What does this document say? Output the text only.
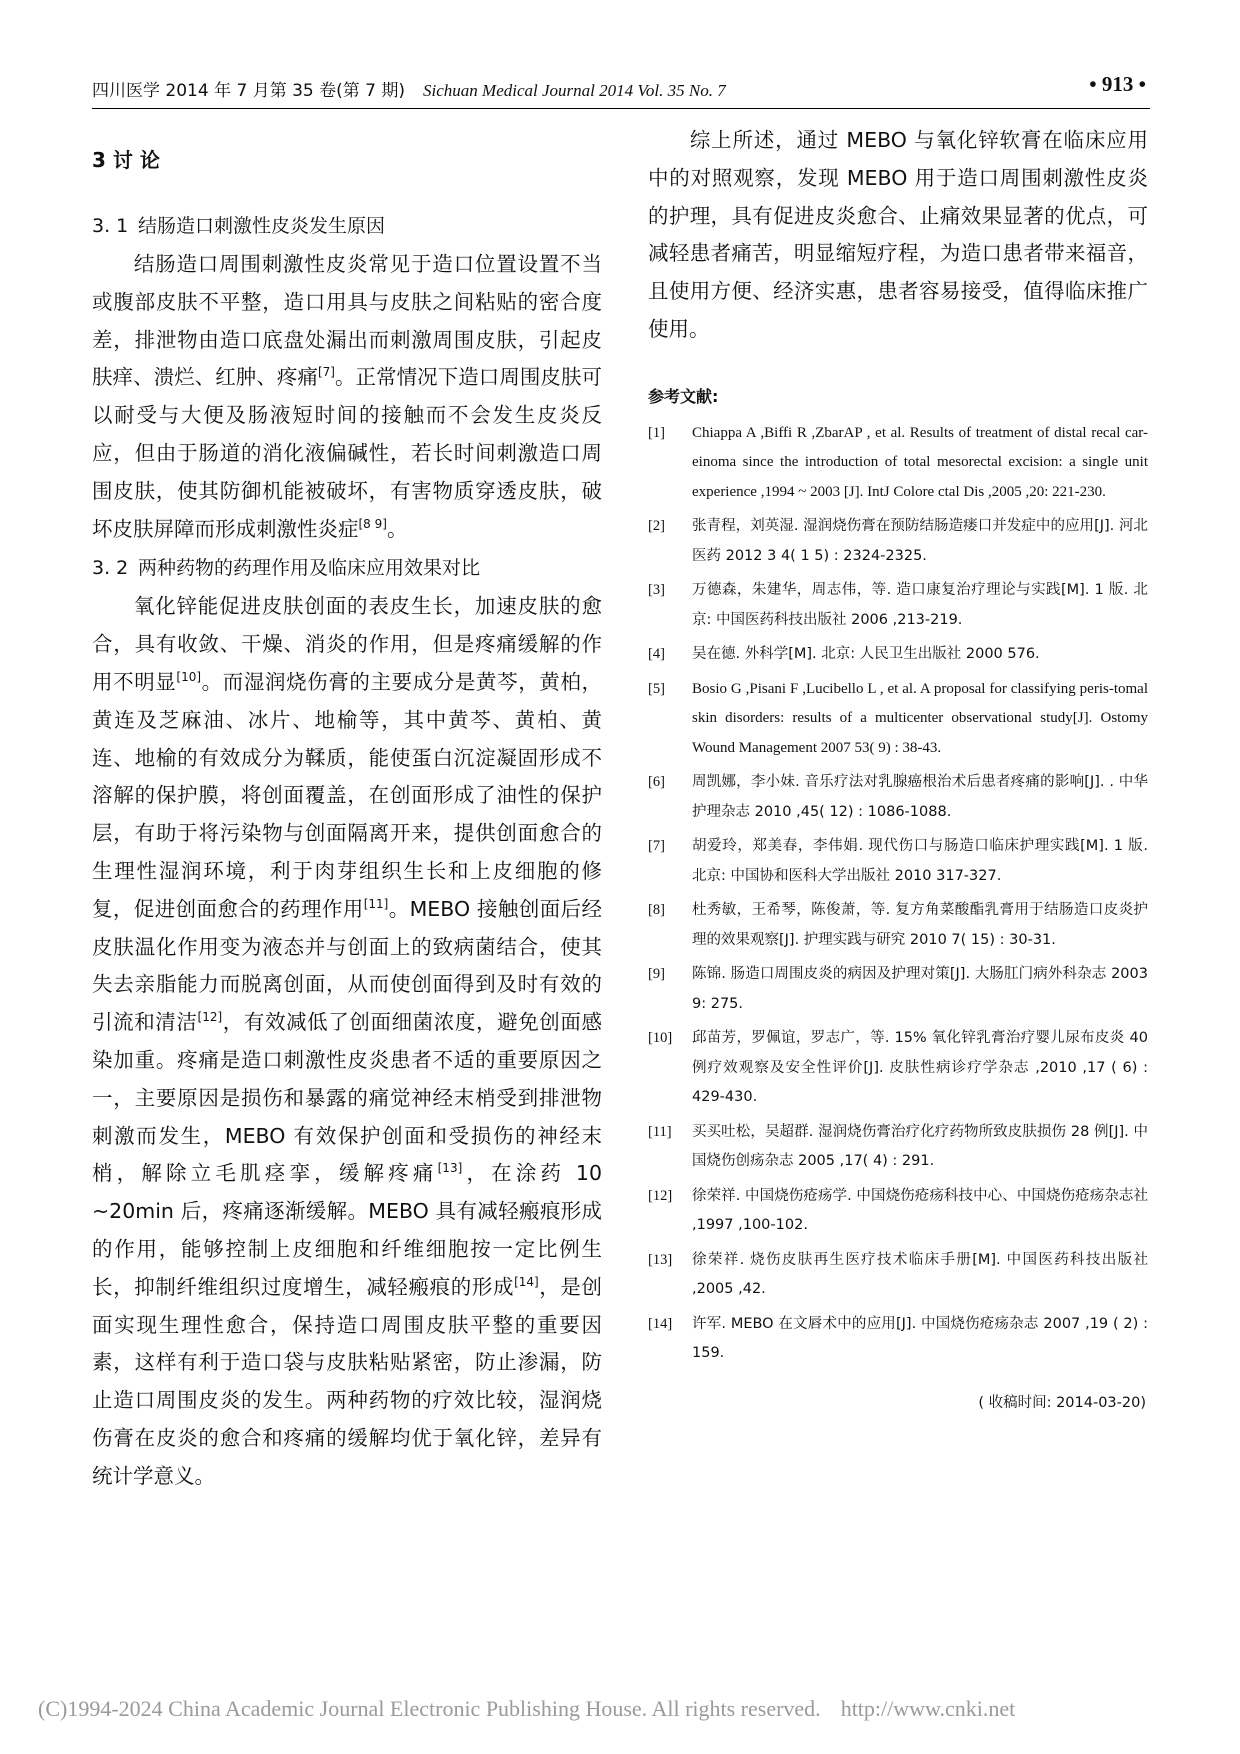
四川医学 2014 年 7 月第 35 卷(第 7 期) Sichuan Medical Journal 2014 Vol. 35 No. 7	• 913 •
3 讨 论
3. 1 结肠造口刺激性皮炎发生原因

结肠造口周围刺激性皮炎常见于造口位置设置不当或腹部皮肤不平整，造口用具与皮肤之间粘贴的密合度差，排泄物由造口底盘处漏出而刺激周围皮肤，引起皮肤痒、溃烂、红肿、疼痛[7]。正常情况下造口周围皮肤可以耐受与大便及肠液短时间的接触而不会发生皮炎反应，但由于肠道的消化液偏碱性，若长时间刺激造口周围皮肤，使其防御机能被破坏，有害物质穿透皮肤，破坏皮肤屏障而形成刺激性炎症[8 9]。

3. 2 两种药物的药理作用及临床应用效果对比

氧化锌能促进皮肤创面的表皮生长，加速皮肤的愈合，具有收敛、干燥、消炎的作用，但是疼痛缓解的作用不明显[10]。而湿润烧伤膏的主要成分是黄芩，黄柏，黄连及芝麻油、冰片、地榆等，其中黄芩、黄柏、黄连、地榆的有效成分为鞣质，能使蛋白沉淀凝固形成不溶解的保护膜，将创面覆盖，在创面形成了油性的保护层，有助于将污染物与创面隔离开来，提供创面愈合的生理性湿润环境，利于肉芽组织生长和上皮细胞的修复，促进创面愈合的药理作用[11]。MEBO 接触创面后经皮肤温化作用变为液态并与创面上的致病菌结合，使其失去亲脂能力而脱离创面，从而使创面得到及时有效的引流和清洁[12]，有效减低了创面细菌浓度，避免创面感染加重。疼痛是造口刺激性皮炎患者不适的重要原因之一，主要原因是损伤和暴露的痛觉神经末梢受到排泄物刺激而发生，MEBO 有效保护创面和受损伤的神经末梢，解除立毛肌痉挛，缓解疼痛[13]，在涂药 10 ~20min 后，疼痛逐渐缓解。MEBO 具有减轻瘢痕形成的作用，能够控制上皮细胞和纤维细胞按一定比例生长，抑制纤维组织过度增生，减轻瘢痕的形成[14]，是创面实现生理性愈合，保持造口周围皮肤平整的重要因素，这样有利于造口袋与皮肤粘贴紧密，防止渗漏，防止造口周围皮炎的发生。两种药物的疗效比较，湿润烧伤膏在皮炎的愈合和疼痛的缓解均优于氧化锌，差异有统计学意义。

综上所述，通过 MEBO 与氧化锌软膏在临床应用中的对照观察，发现 MEBO 用于造口周围刺激性皮炎的护理，具有促进皮炎愈合、止痛效果显著的优点，可减轻患者痛苦，明显缩短疗程，为造口患者带来福音，且使用方便、经济实惠，患者容易接受，值得临床推广使用。

参考文献:
[1]	Chiappa A ,Biffi R ,ZbarAP , et al. Results of treatment of distal recal car-einoma since the introduction of total mesorectal excision: a single unit experience ,1994 ~ 2003 [J]. IntJ Colore ctal Dis ,2005 ,20: 221-230.
[2]	张青程，刘英湿. 湿润烧伤膏在预防结肠造瘘口并发症中的应用[J]. 河北医药 2012 3 4( 1 5) : 2324-2325.
[3]	万德森，朱建华，周志伟，等. 造口康复治疗理论与实践[M]. 1 版. 北京: 中国医药科技出版社 2006 ,213-219.
[4]	吴在德. 外科学[M]. 北京: 人民卫生出版社 2000 576.
[5]	Bosio G ,Pisani F ,Lucibello L , et al. A proposal for classifying peris-tomal skin disorders: results of a multicenter observational study[J]. Ostomy Wound Management 2007 53( 9) : 38-43.
[6]	周凯娜，李小妹. 音乐疗法对乳腺癌根治术后患者疼痛的影响[J]. . 中华护理杂志 2010 ,45( 12) : 1086-1088.
[7]	胡爱玲，郑美春，李伟娟. 现代伤口与肠造口临床护理实践[M]. 1 版. 北京: 中国协和医科大学出版社 2010 317-327.
[8]	杜秀敏，王希琴，陈俊萧，等. 复方角菜酸酯乳膏用于结肠造口皮炎护理的效果观察[J]. 护理实践与研究 2010 7( 15) : 30-31.
[9]	陈锦. 肠造口周围皮炎的病因及护理对策[J]. 大肠肛门病外科杂志 2003 9: 275.
[10]	邱苗芳，罗佩谊，罗志广，等. 15% 氧化锌乳膏治疗婴儿尿布皮炎 40 例疗效观察及安全性评价[J]. 皮肤性病诊疗学杂志 ,2010 ,17 ( 6) : 429-430.
[11]	买买吐松，吴超群. 湿润烧伤膏治疗化疗药物所致皮肤损伤 28 例[J]. 中国烧伤创疡杂志 2005 ,17( 4) : 291.
[12]	徐荣祥. 中国烧伤疮疡学. 中国烧伤疮疡科技中心、中国烧伤疮疡杂志社 ,1997 ,100-102.
[13]	徐荣祥. 烧伤皮肤再生医疗技术临床手册[M]. 中国医药科技出版社 ,2005 ,42.
[14]	许军. MEBO 在文唇术中的应用[J]. 中国烧伤疮疡杂志 2007 ,19 ( 2) : 159.
( 收稿时间: 2014-03-20)
(C)1994-2024 China Academic Journal Electronic Publishing House. All rights reserved. http://www.cnki.net
